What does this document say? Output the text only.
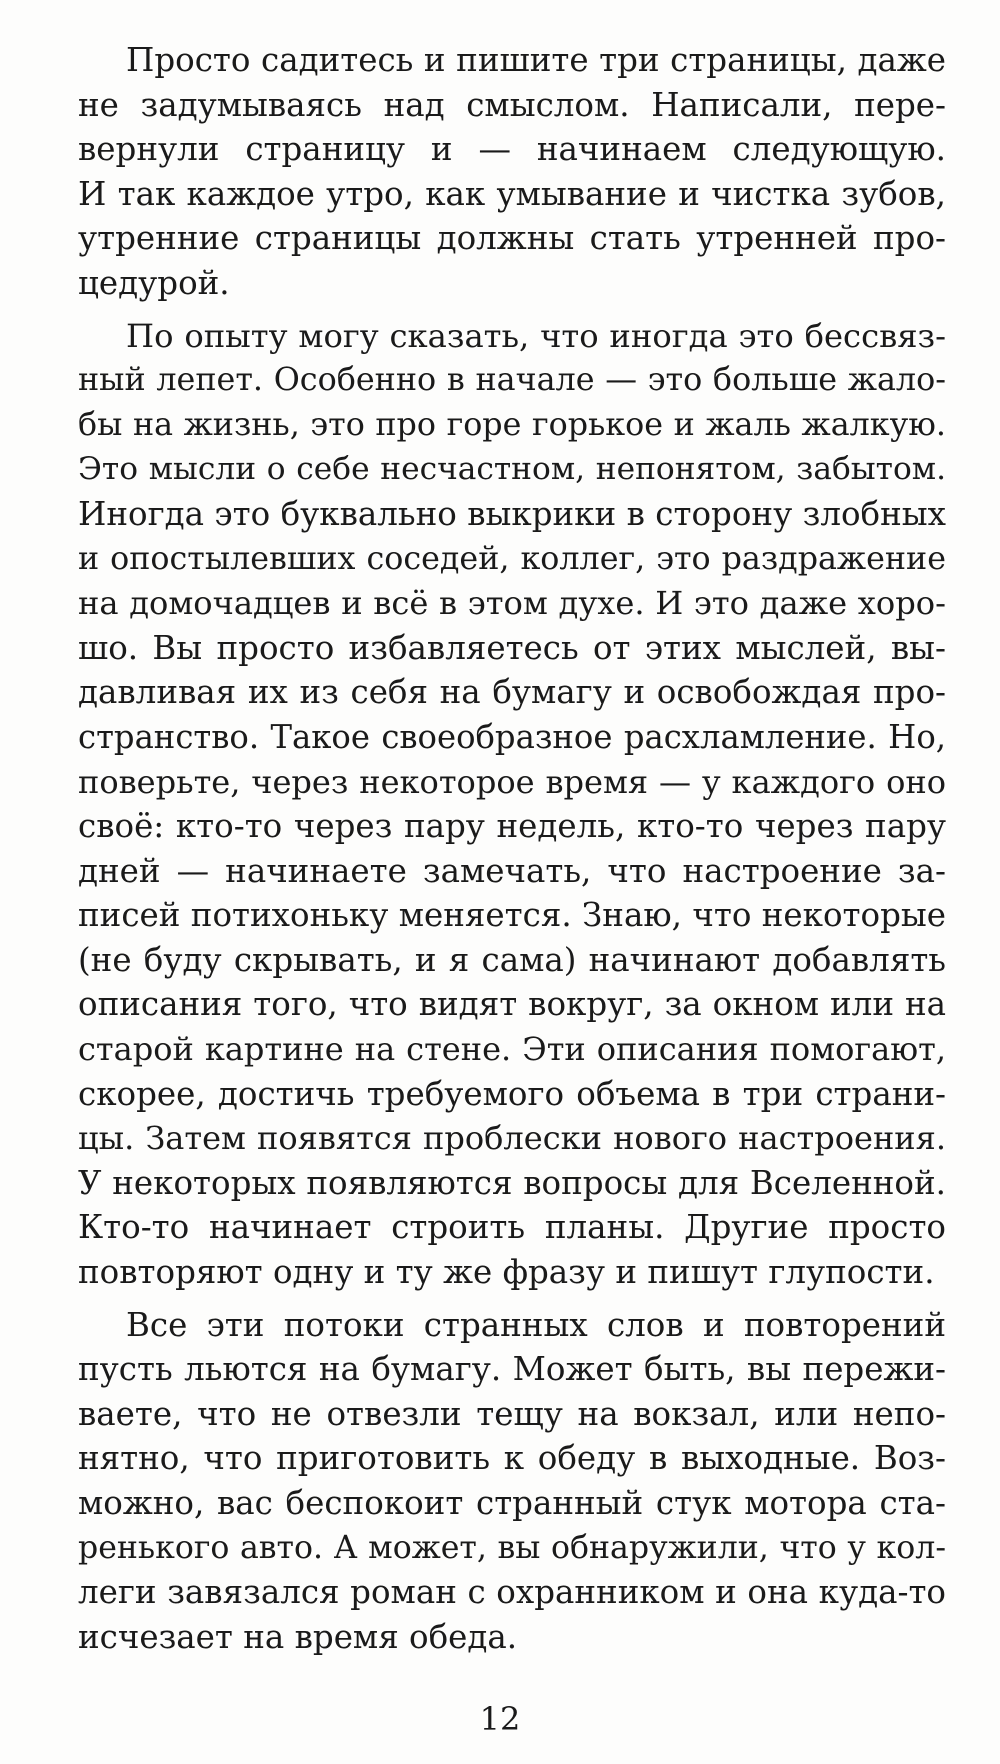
Просто садитесь и пишите три страницы, даже
не задумываясь над смыслом. Написали, пере-
вернули страницу и — начинаем следующую.
И так каждое утро, как умывание и чистка зубов,
утренние страницы должны стать утренней про-
цедурой.
По опыту могу сказать, что иногда это бессвяз-
ный лепет. Особенно в начале — это больше жало-
бы на жизнь, это про горе горькое и жаль жалкую.
Это мысли о себе несчастном, непонятом, забытом.
Иногда это буквально выкрики в сторону злобных
и опостылевших соседей, коллег, это раздражение
на домочадцев и всё в этом духе. И это даже хоро-
шо. Вы просто избавляетесь от этих мыслей, вы-
давливая их из себя на бумагу и освобождая про-
странство. Такое своеобразное расхламление. Но,
поверьте, через некоторое время — у каждого оно
своё: кто-то через пару недель, кто-то через пару
дней — начинаете замечать, что настроение за-
писей потихоньку меняется. Знаю, что некоторые
(не буду скрывать, и я сама) начинают добавлять
описания того, что видят вокруг, за окном или на
старой картине на стене. Эти описания помогают,
скорее, достичь требуемого объема в три страни-
цы. Затем появятся проблески нового настроения.
У некоторых появляются вопросы для Вселенной.
Кто-то начинает строить планы. Другие просто
повторяют одну и ту же фразу и пишут глупости.
Все эти потоки странных слов и повторений
пусть льются на бумагу. Может быть, вы пережи-
ваете, что не отвезли тещу на вокзал, или непо-
нятно, что приготовить к обеду в выходные. Воз-
можно, вас беспокоит странный стук мотора ста-
ренького авто. А может, вы обнаружили, что у кол-
леги завязался роман с охранником и она куда-то
исчезает на время обеда.
12
